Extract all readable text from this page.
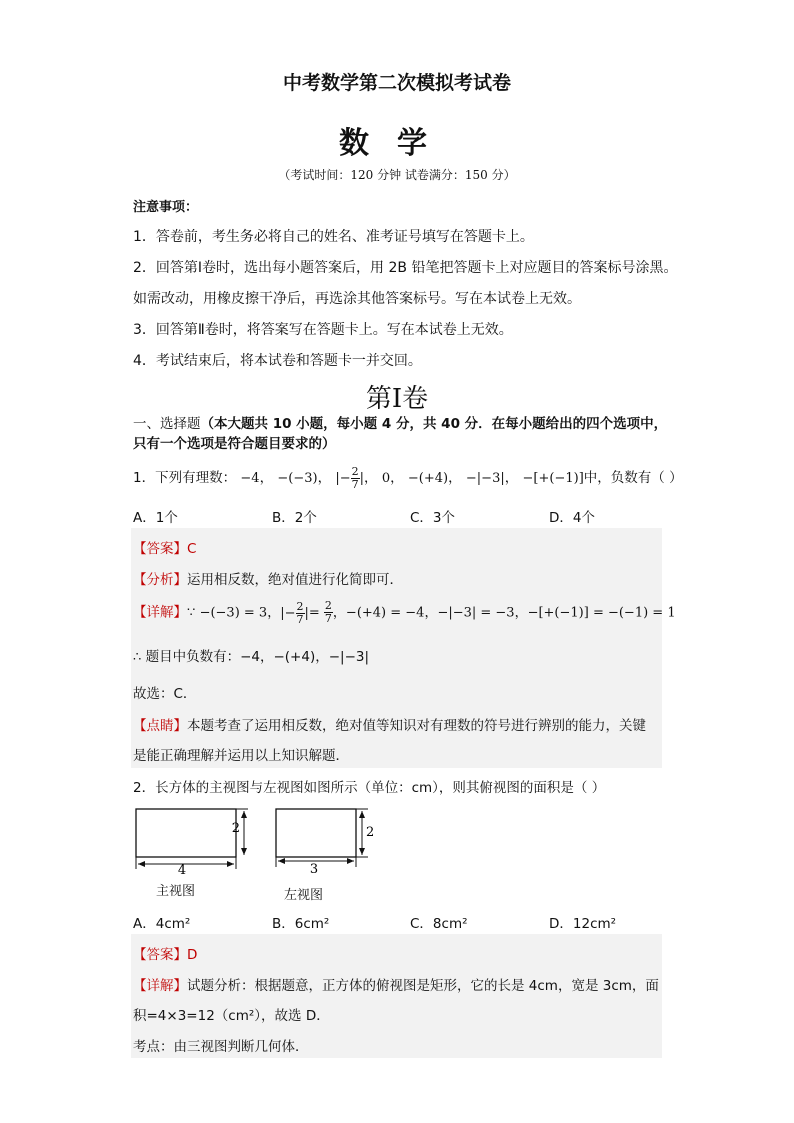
中考数学第二次模拟考试卷
数学
（考试时间：120 分钟 试卷满分：150 分）
注意事项：
1．答卷前，考生务必将自己的姓名、准考证号填写在答题卡上。
2．回答第Ⅰ卷时，选出每小题答案后，用 2B 铅笔把答题卡上对应题目的答案标号涂黑。
如需改动，用橡皮擦干净后，再选涂其他答案标号。写在本试卷上无效。
3．回答第Ⅱ卷时，将答案写在答题卡上。写在本试卷上无效。
4．考试结束后，将本试卷和答题卡一并交回。
第Ⅰ卷
一、选择题（本大题共 10 小题，每小题 4 分，共 40 分．在每小题给出的四个选项中，只有一个选项是符合题目要求的）
1．下列有理数： −4， −(−3)， |− $\frac{2}{7}$ |， 0， −(+4)， −|−3|， −[+(−1)]中，负数有（ ）
A．1个	B．2个	C．3个	D．4个
【答案】C
【分析】运用相反数，绝对值进行化简即可．
【详解】∵ −(−3) = 3，|− $\frac{2}{7}$ |= $\frac{2}{7}$ ，−(+4) = −4，−|−3| = −3，−[+(−1)] = −(−1) = 1
∴ 题目中负数有：−4，−(+4)，−|−3|
故选：C．
【点睛】本题考查了运用相反数，绝对值等知识对有理数的符号进行辨别的能力，关键
是能正确理解并运用以上知识解题．
2．长方体的主视图与左视图如图所示（单位：cm），则其俯视图的面积是（ ）
4
2
3
2
主视图	左视图
A．4cm²	B．6cm²	C．8cm²	D．12cm²
【答案】D
【详解】试题分析：根据题意，正方体的俯视图是矩形，它的长是 4cm，宽是 3cm，面
积=4×3=12（cm²），故选 D．
考点：由三视图判断几何体．
